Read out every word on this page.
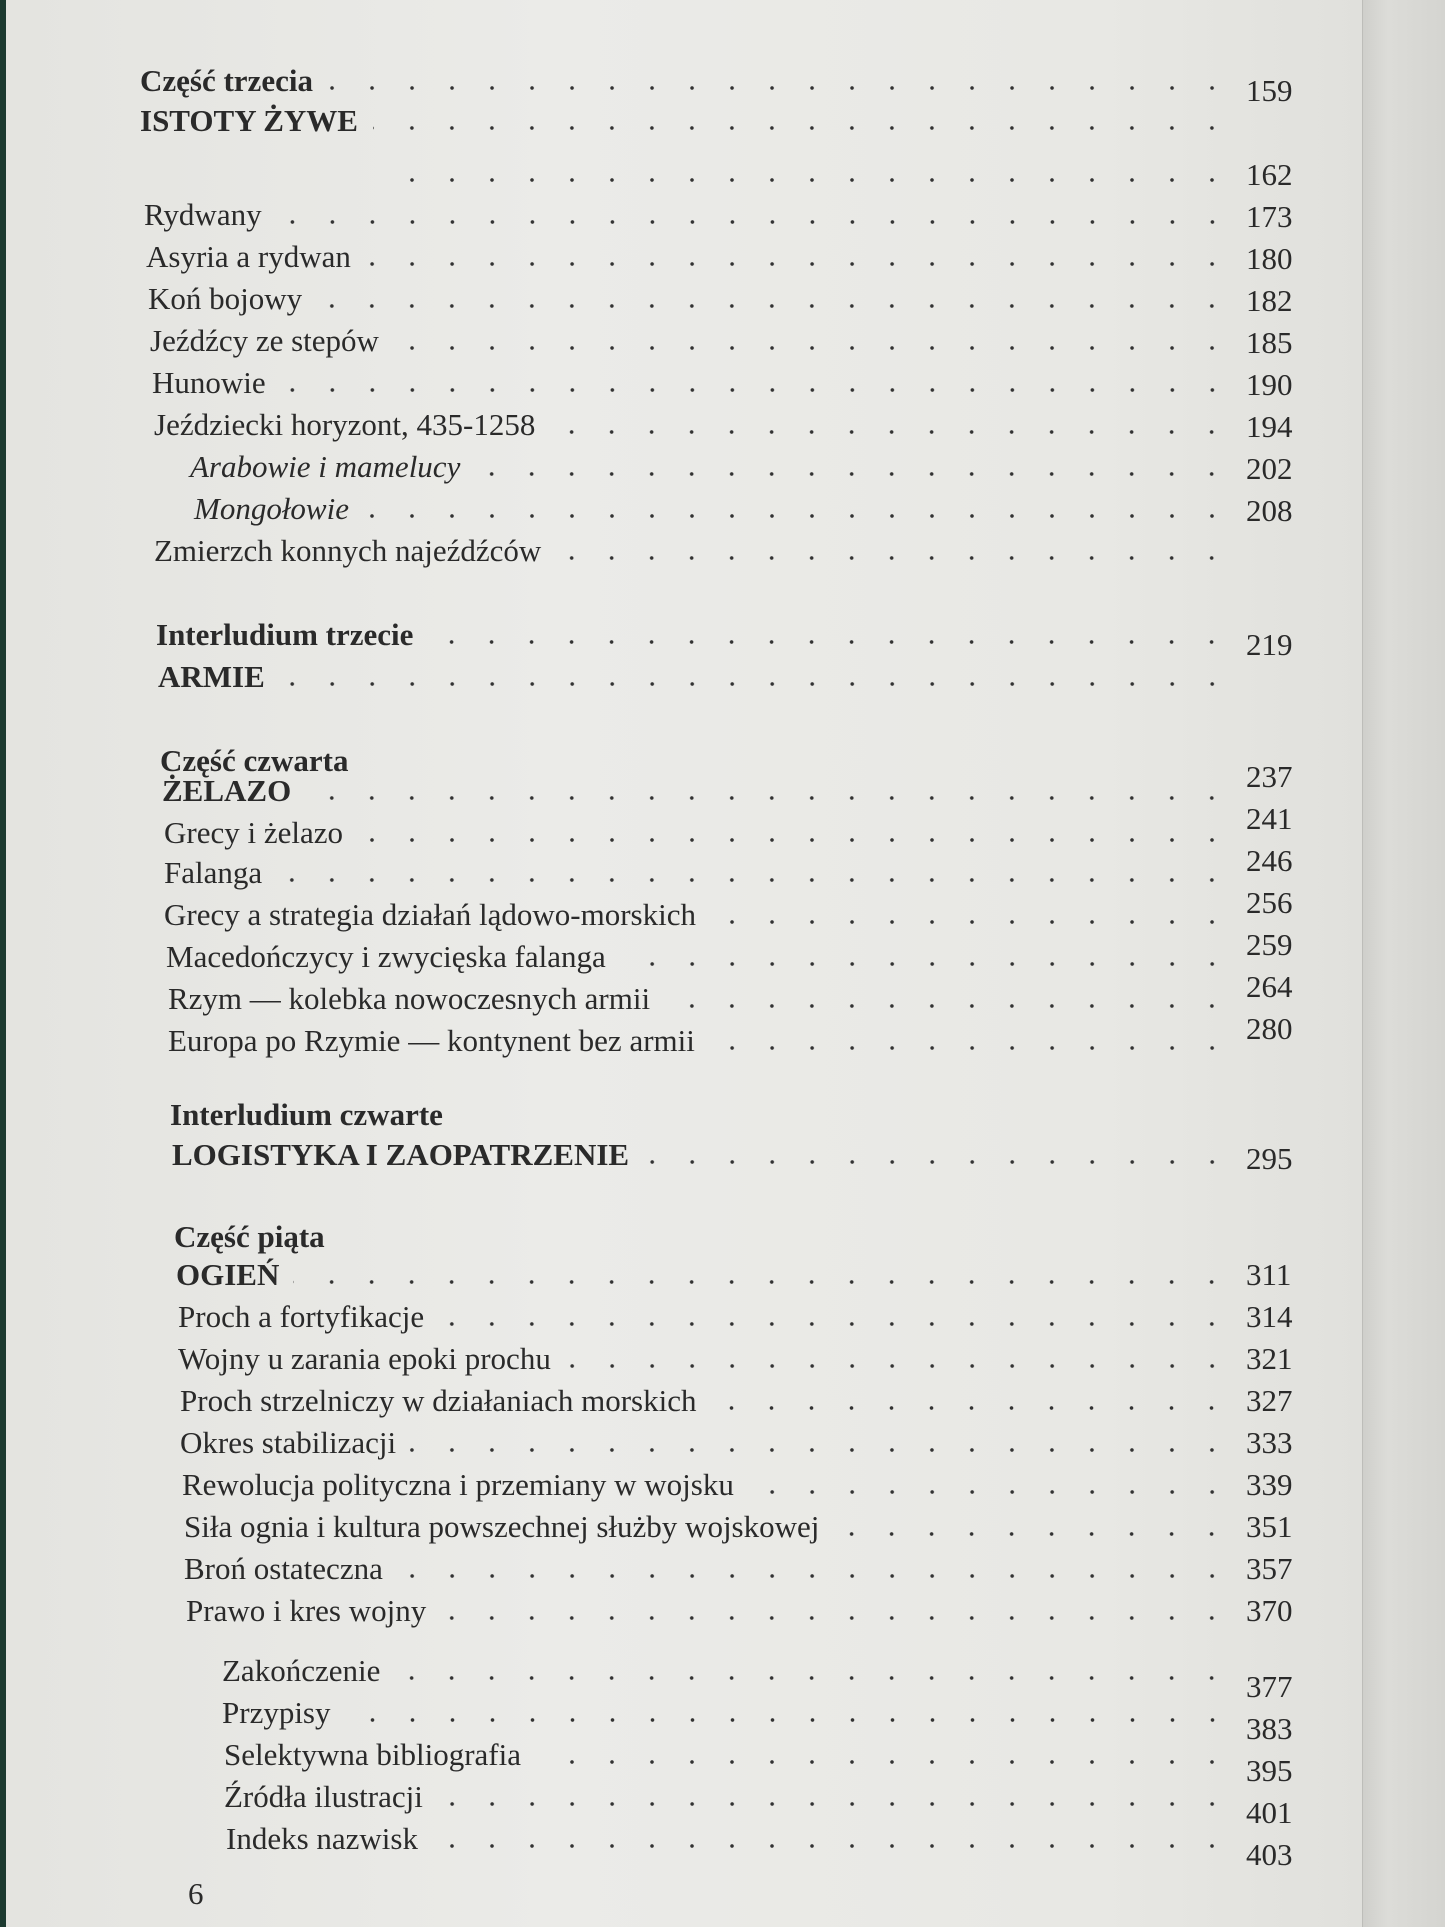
Część trzecia	159
ISTOTY ŻYWE
162
Rydwany	173
Asyria a rydwan	180
Koń bojowy	182
Jeźdźcy ze stepów	185
Hunowie	190
Jeździecki horyzont, 435-1258	194
Arabowie i mamelucy	202
Mongołowie	208
Zmierzch konnych najeźdźców
Interludium trzecie	219
ARMIE
Część czwarta
ŻELAZO	237
Grecy i żelazo	241
Falanga	246
Grecy a strategia działań lądowo-morskich	256
Macedończycy i zwycięska falanga	259
Rzym — kolebka nowoczesnych armii	264
Europa po Rzymie — kontynent bez armii	280
Interludium czwarte
LOGISTYKA I ZAOPATRZENIE	295
Część piąta
OGIEŃ	311
Proch a fortyfikacje	314
Wojny u zarania epoki prochu	321
Proch strzelniczy w działaniach morskich	327
Okres stabilizacji	333
Rewolucja polityczna i przemiany w wojsku	339
Siła ognia i kultura powszechnej służby wojskowej	351
Broń ostateczna	357
Prawo i kres wojny	370
Zakończenie	377
Przypisy	383
Selektywna bibliografia	395
Źródła ilustracji	401
Indeks nazwisk	403
6
